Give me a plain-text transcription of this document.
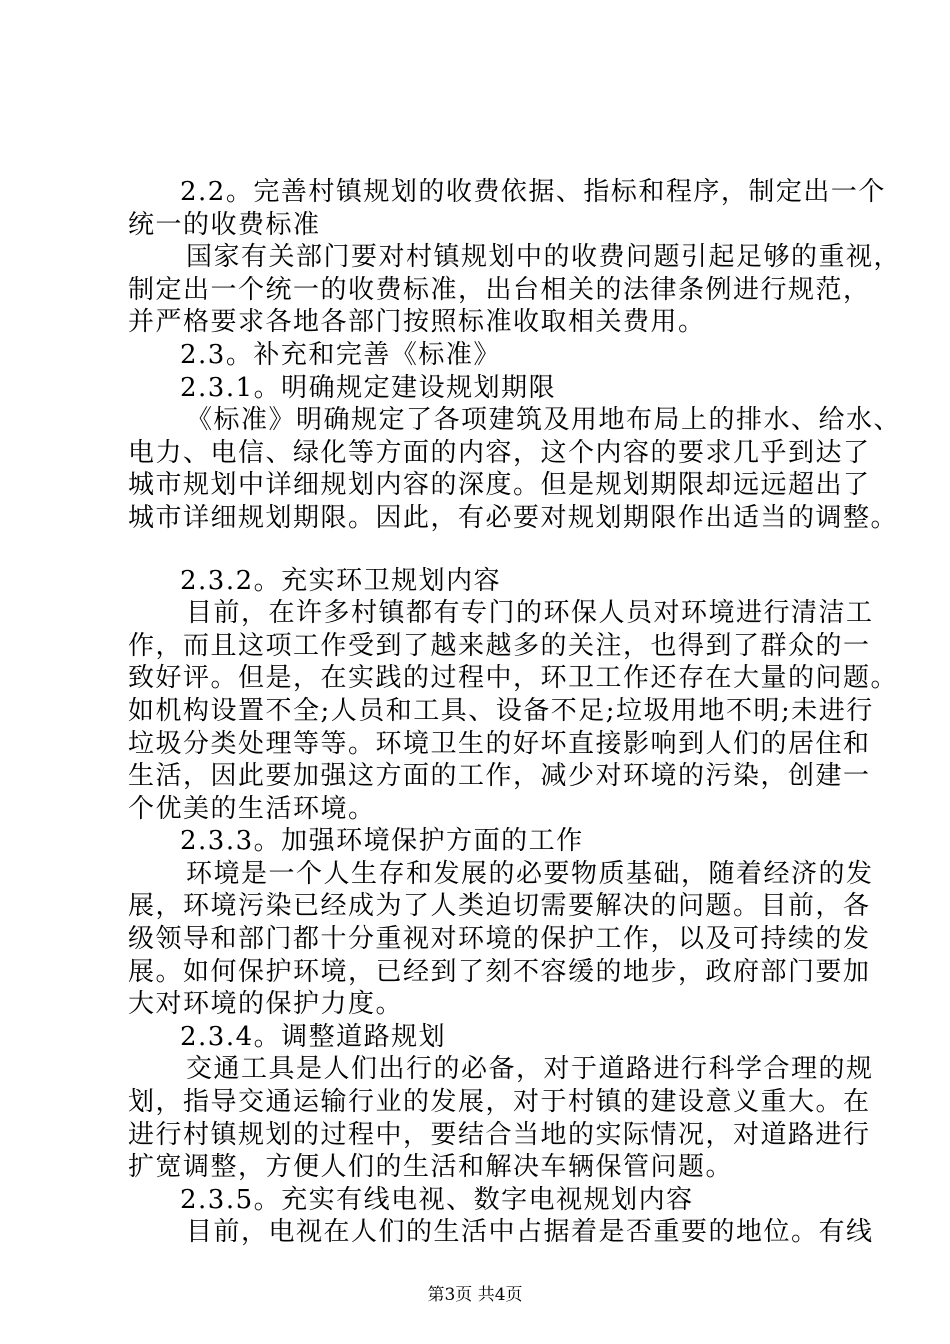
2.2。完善村镇规划的收费依据、指标和程序，制定出一个
统一的收费标准
国家有关部门要对村镇规划中的收费问题引起足够的重视，
制定出一个统一的收费标准，出台相关的法律条例进行规范，
并严格要求各地各部门按照标准收取相关费用。
2.3。补充和完善《标准》
2.3.1。明确规定建设规划期限
《标准》明确规定了各项建筑及用地布局上的排水、给水、
电力、电信、绿化等方面的内容，这个内容的要求几乎到达了
城市规划中详细规划内容的深度。但是规划期限却远远超出了
城市详细规划期限。因此，有必要对规划期限作出适当的调整。
2.3.2。充实环卫规划内容
目前，在许多村镇都有专门的环保人员对环境进行清洁工
作，而且这项工作受到了越来越多的关注，也得到了群众的一
致好评。但是，在实践的过程中，环卫工作还存在大量的问题。
如机构设置不全;人员和工具、设备不足;垃圾用地不明;未进行
垃圾分类处理等等。环境卫生的好坏直接影响到人们的居住和
生活，因此要加强这方面的工作，减少对环境的污染，创建一
个优美的生活环境。
2.3.3。加强环境保护方面的工作
环境是一个人生存和发展的必要物质基础，随着经济的发
展，环境污染已经成为了人类迫切需要解决的问题。目前，各
级领导和部门都十分重视对环境的保护工作，以及可持续的发
展。如何保护环境，已经到了刻不容缓的地步，政府部门要加
大对环境的保护力度。
2.3.4。调整道路规划
交通工具是人们出行的必备，对于道路进行科学合理的规
划，指导交通运输行业的发展，对于村镇的建设意义重大。在
进行村镇规划的过程中，要结合当地的实际情况，对道路进行
扩宽调整，方便人们的生活和解决车辆保管问题。
2.3.5。充实有线电视、数字电视规划内容
目前，电视在人们的生活中占据着是否重要的地位。有线
第3页 共4页
